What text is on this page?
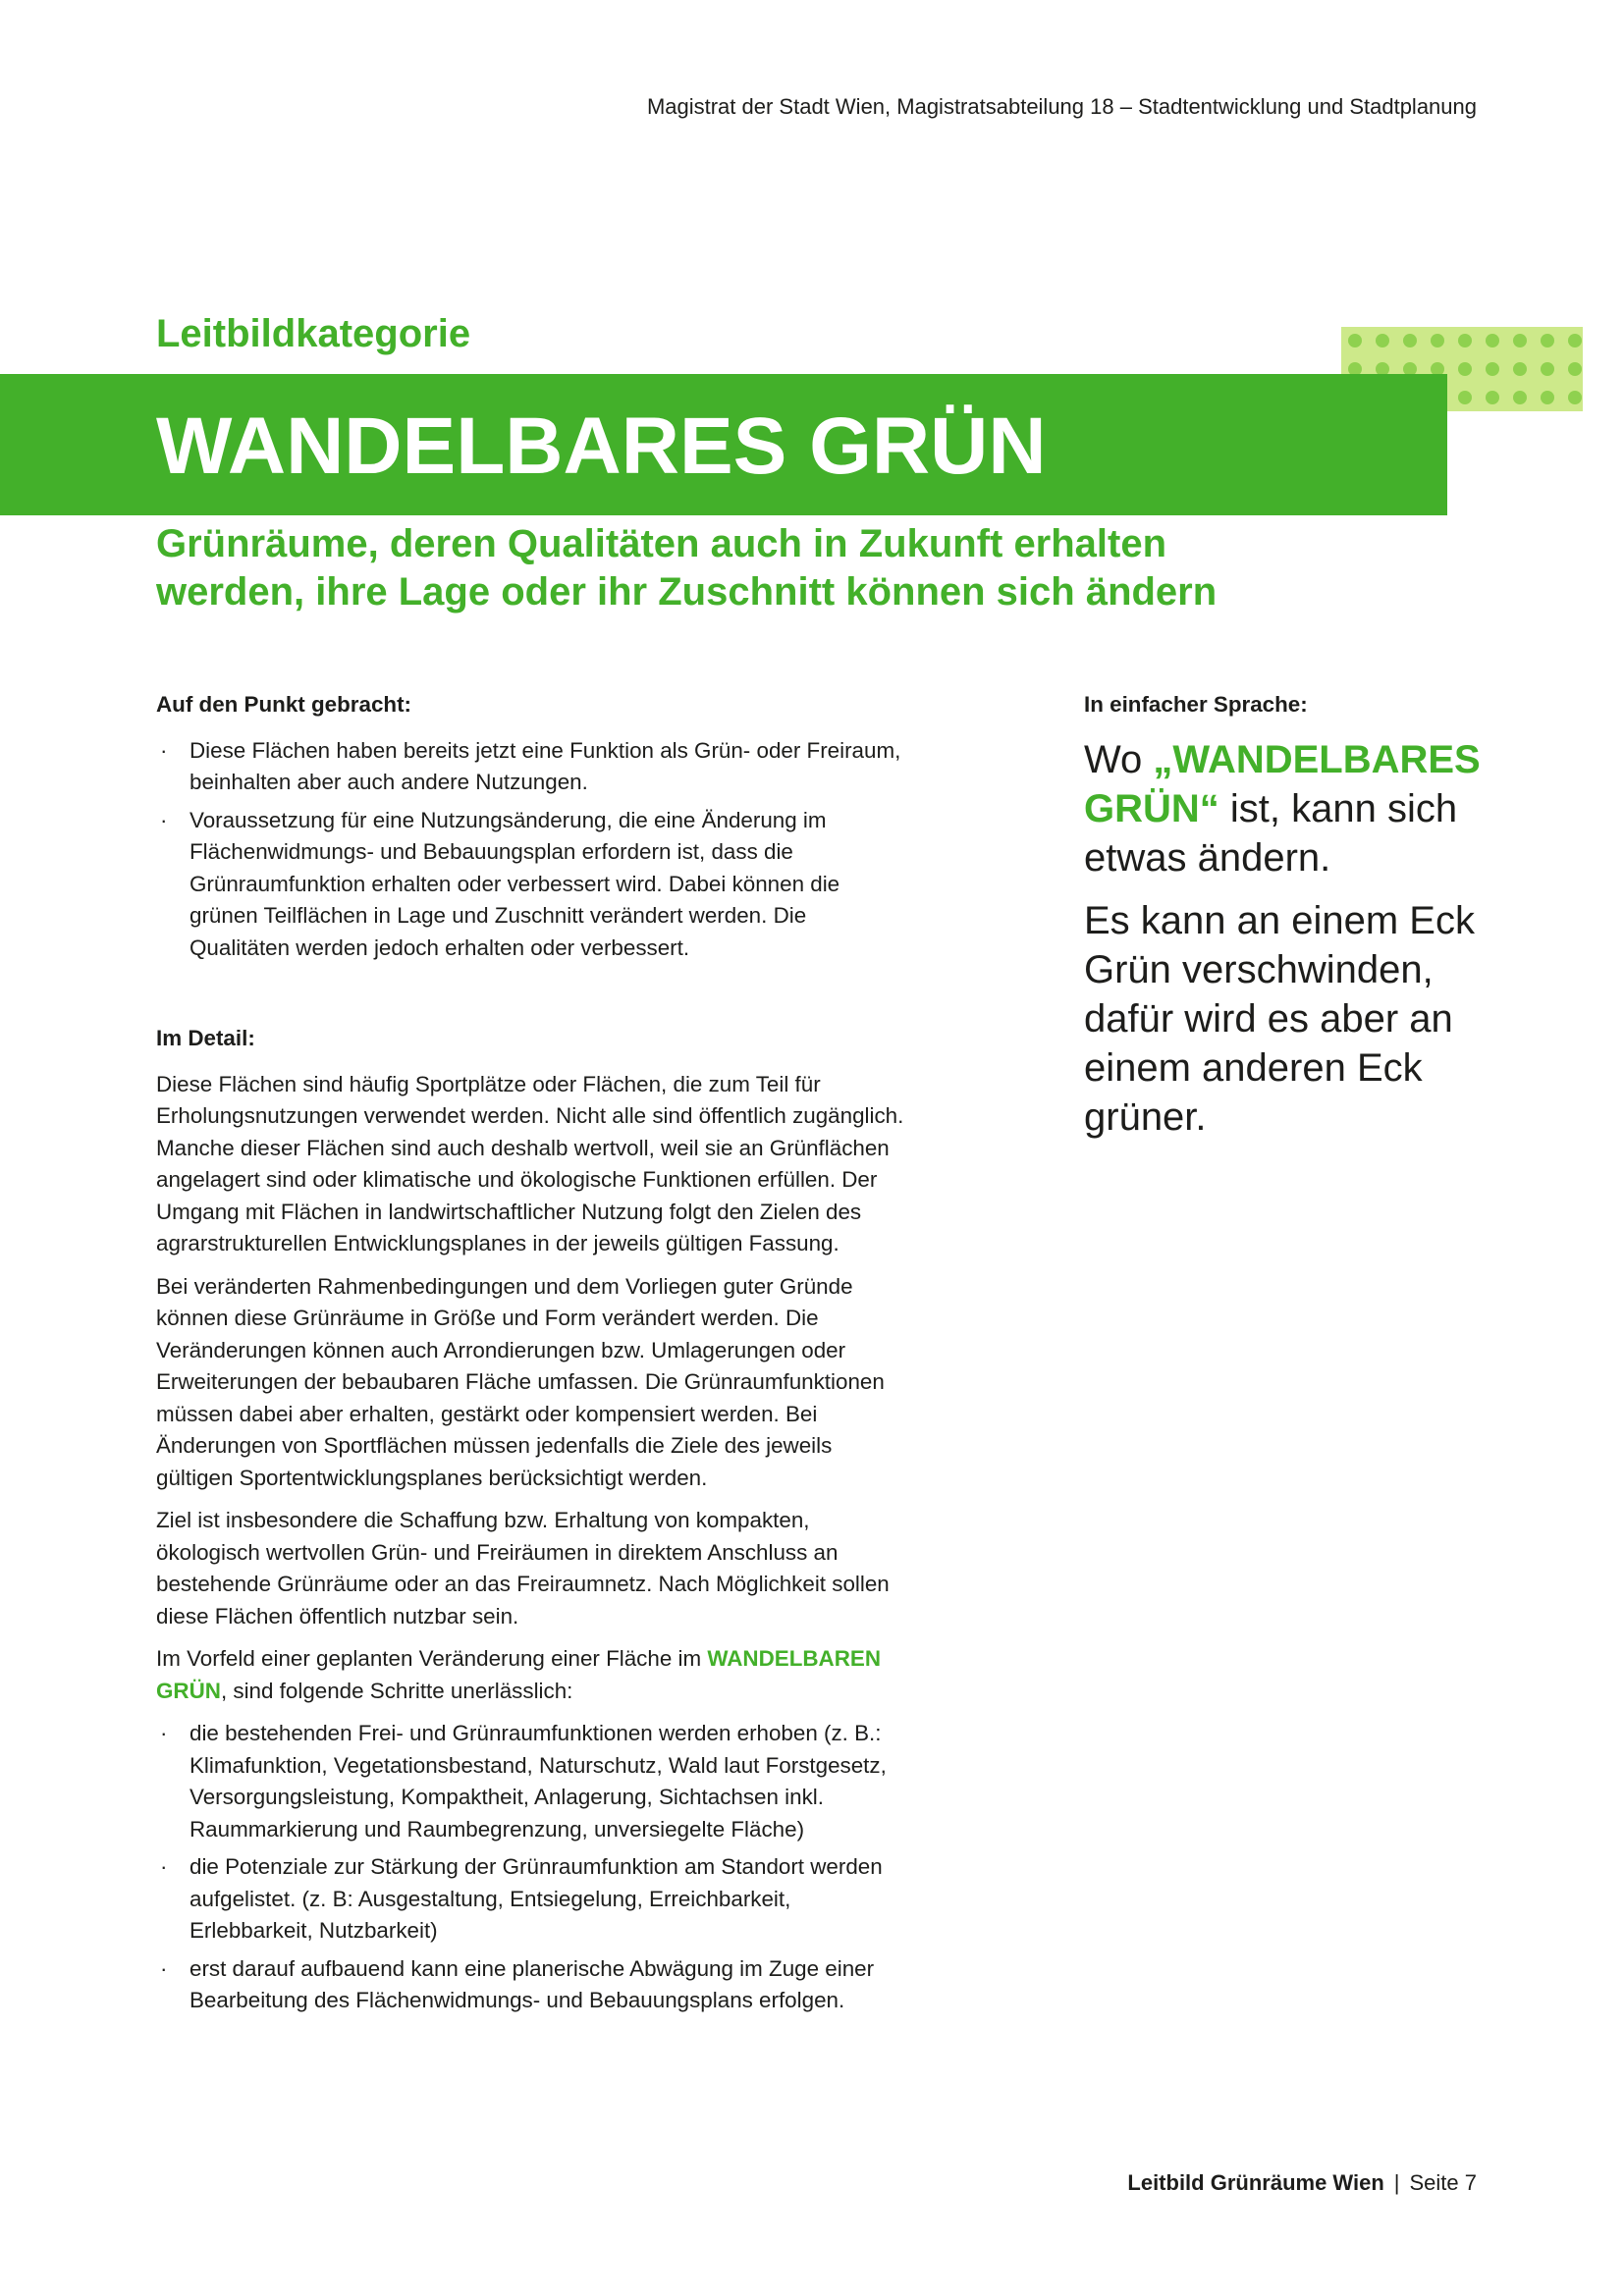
Magistrat der Stadt Wien, Magistratsabteilung 18 – Stadtentwicklung und Stadtplanung
Leitbildkategorie
WANDELBARES GRÜN
Grünräume, deren Qualitäten auch in Zukunft erhalten
werden, ihre Lage oder ihr Zuschnitt können sich ändern
Auf den Punkt gebracht:
· Diese Flächen haben bereits jetzt eine Funktion als Grün- oder Freiraum, beinhalten aber auch andere Nutzungen.
· Voraussetzung für eine Nutzungsänderung, die eine Änderung im Flächenwidmungs- und Bebauungsplan erfordern ist, dass die Grünraumfunktion erhalten oder verbessert wird. Dabei können die grünen Teilflächen in Lage und Zuschnitt verändert werden. Die Qualitäten werden jedoch erhalten oder verbessert.
Im Detail:

Diese Flächen sind häufig Sportplätze oder Flächen, die zum Teil für Erholungsnutzungen verwendet werden. Nicht alle sind öffentlich zugänglich. Manche dieser Flächen sind auch deshalb wertvoll, weil sie an Grünflächen angelagert sind oder klimatische und ökologische Funktionen erfüllen. Der Umgang mit Flächen in landwirtschaftlicher Nutzung folgt den Zielen des agrarstrukturellen Entwicklungsplanes in der jeweils gültigen Fassung.

Bei veränderten Rahmenbedingungen und dem Vorliegen guter Gründe können diese Grünräume in Größe und Form verändert werden. Die Veränderungen können auch Arrondierungen bzw. Umlagerungen oder Erweiterungen der bebaubaren Fläche umfassen. Die Grünraumfunktionen müssen dabei aber erhalten, gestärkt oder kompensiert werden. Bei Änderungen von Sportflächen müssen jedenfalls die Ziele des jeweils gültigen Sportentwicklungsplanes berücksichtigt werden.

Ziel ist insbesondere die Schaffung bzw. Erhaltung von kompakten, ökologisch wertvollen Grün- und Freiräumen in direktem Anschluss an bestehende Grünräume oder an das Freiraumnetz. Nach Möglichkeit sollen diese Flächen öffentlich nutzbar sein.

Im Vorfeld einer geplanten Veränderung einer Fläche im WANDELBAREN GRÜN, sind folgende Schritte unerlässlich:

· die bestehenden Frei- und Grünraumfunktionen werden erhoben (z. B.: Klimafunktion, Vegetationsbestand, Naturschutz, Wald laut Forstgesetz, Versorgungsleistung, Kompaktheit, Anlagerung, Sichtachsen inkl. Raummarkierung und Raumbegrenzung, unversiegelte Fläche)
· die Potenziale zur Stärkung der Grünraumfunktion am Standort werden aufgelistet. (z. B: Ausgestaltung, Entsiegelung, Erreichbarkeit, Erlebbarkeit, Nutzbarkeit)
· erst darauf aufbauend kann eine planerische Abwägung im Zuge einer Bearbeitung des Flächenwidmungs- und Bebauungsplans erfolgen.
In einfacher Sprache:

Wo „WANDELBARES GRÜN“ ist, kann sich etwas ändern.

Es kann an einem Eck Grün verschwinden, dafür wird es aber an einem anderen Eck grüner.

Leitbild Grünräume Wien | Seite 7
